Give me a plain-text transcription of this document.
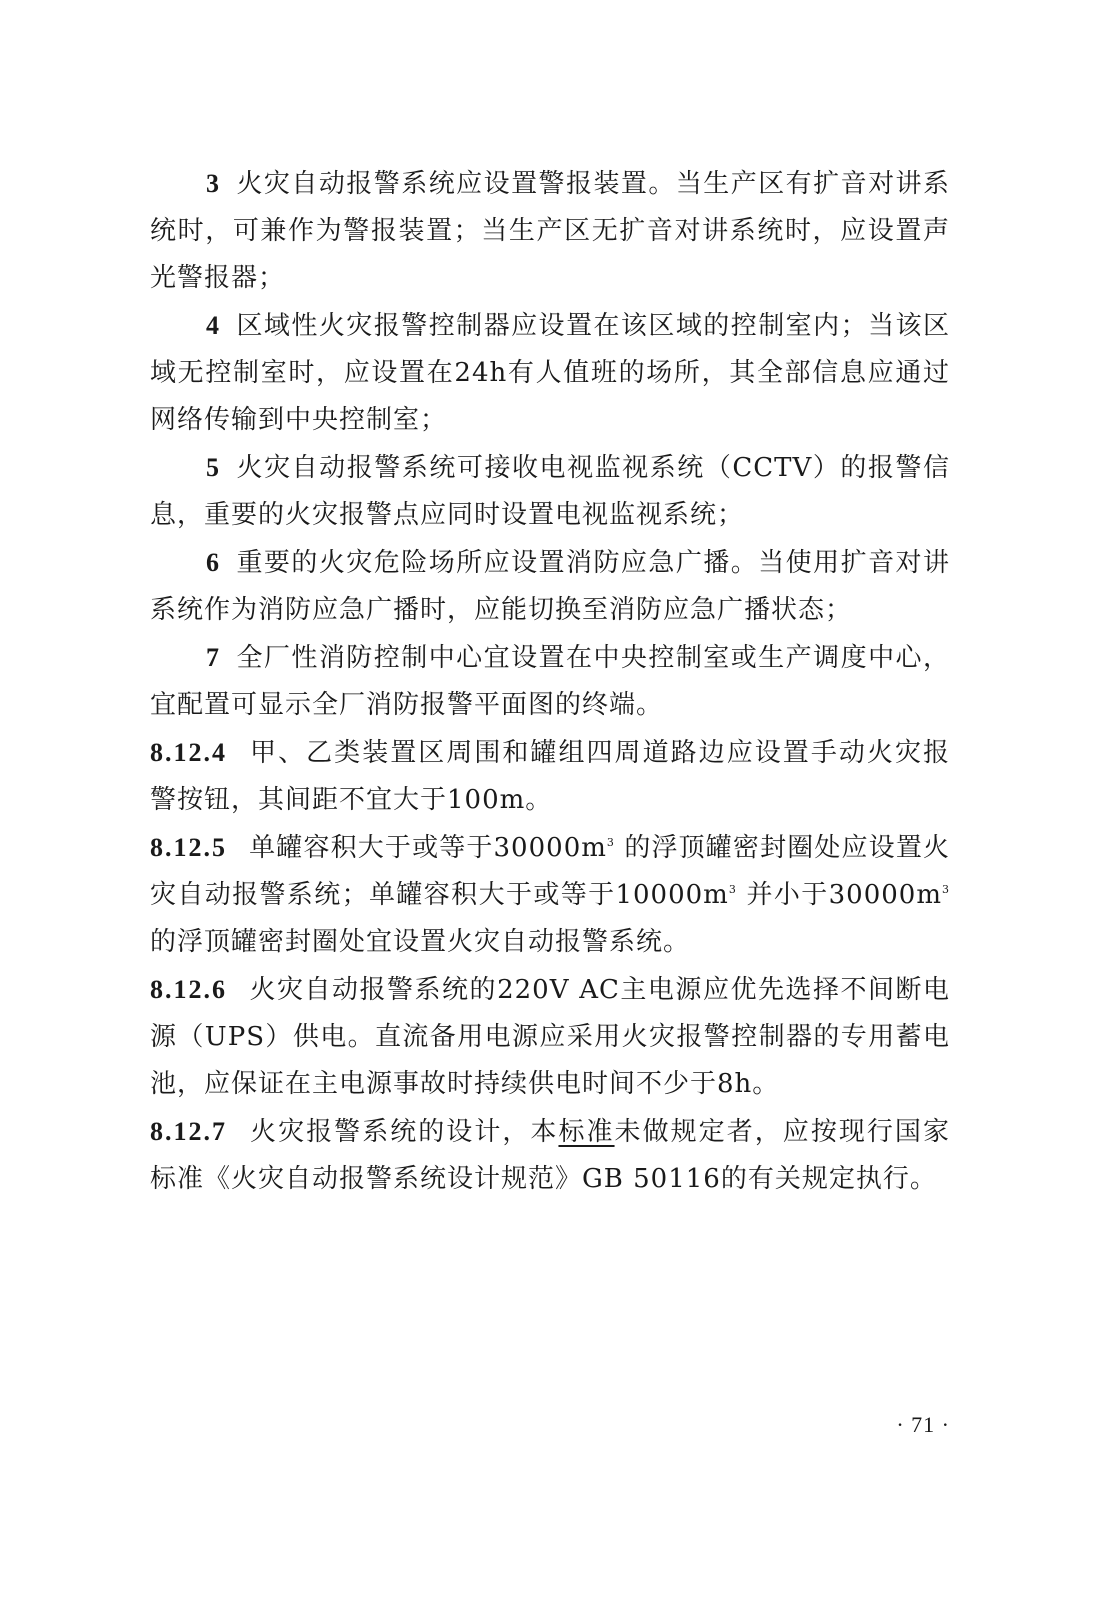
3 火灾自动报警系统应设置警报装置。当生产区有扩音对讲系统时，可兼作为警报装置；当生产区无扩音对讲系统时，应设置声光警报器；

4 区域性火灾报警控制器应设置在该区域的控制室内；当该区域无控制室时，应设置在24h有人值班的场所，其全部信息应通过网络传输到中央控制室；

5 火灾自动报警系统可接收电视监视系统（CCTV）的报警信息，重要的火灾报警点应同时设置电视监视系统；

6 重要的火灾危险场所应设置消防应急广播。当使用扩音对讲系统作为消防应急广播时，应能切换至消防应急广播状态；

7 全厂性消防控制中心宜设置在中央控制室或生产调度中心，宜配置可显示全厂消防报警平面图的终端。

8.12.4 甲、乙类装置区周围和罐组四周道路边应设置手动火灾报警按钮，其间距不宜大于100m。

8.12.5 单罐容积大于或等于$30000m^3$ 的浮顶罐密封圈处应设置火灾自动报警系统；单罐容积大于或等于$10000m^3$ 并小于$30000m^3$ 的浮顶罐密封圈处宜设置火灾自动报警系统。

8.12.6 火灾自动报警系统的220V AC主电源应优先选择不间断电源（UPS）供电。直流备用电源应采用火灾报警控制器的专用蓄电池，应保证在主电源事故时持续供电时间不少于8h。

8.12.7 火灾报警系统的设计，本标准未做规定者，应按现行国家标准《火灾自动报警系统设计规范》GB 50116的有关规定执行。

· 71 ·
